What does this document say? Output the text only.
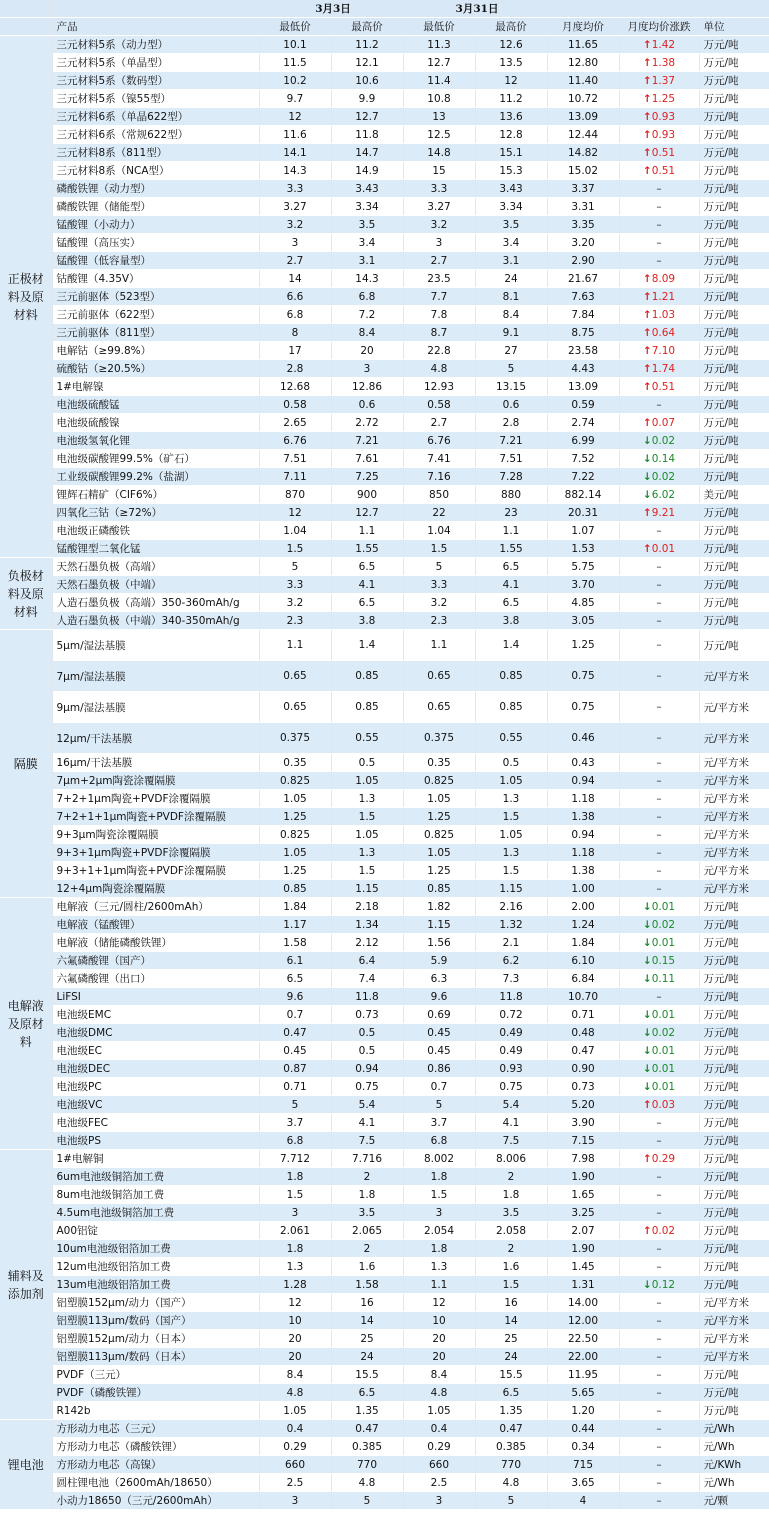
		3月3日		3月31日				
	产品	最低价	最高价	最低价	最高价	月度均价	月度均价涨跌	单位
正极材料及原材料	三元材料5系（动力型）	10.1	11.2	11.3	12.6	11.65	↑1.42	万元/吨
	三元材料5系（单晶型）	11.5	12.1	12.7	13.5	12.80	↑1.38	万元/吨
	三元材料5系（数码型）	10.2	10.6	11.4	12	11.40	↑1.37	万元/吨
	三元材料5系（镍55型）	9.7	9.9	10.8	11.2	10.72	↑1.25	万元/吨
	三元材料6系（单晶622型）	12	12.7	13	13.6	13.09	↑0.93	万元/吨
	三元材料6系（常规622型）	11.6	11.8	12.5	12.8	12.44	↑0.93	万元/吨
	三元材料8系（811型）	14.1	14.7	14.8	15.1	14.82	↑0.51	万元/吨
	三元材料8系（NCA型）	14.3	14.9	15	15.3	15.02	↑0.51	万元/吨
	磷酸铁锂（动力型）	3.3	3.43	3.3	3.43	3.37	–	万元/吨
	磷酸铁锂（储能型）	3.27	3.34	3.27	3.34	3.31	–	万元/吨
	锰酸锂（小动力）	3.2	3.5	3.2	3.5	3.35	–	万元/吨
	锰酸锂（高压实）	3	3.4	3	3.4	3.20	–	万元/吨
	锰酸锂（低容量型）	2.7	3.1	2.7	3.1	2.90	–	万元/吨
	钴酸锂（4.35V）	14	14.3	23.5	24	21.67	↑8.09	万元/吨
	三元前驱体（523型）	6.6	6.8	7.7	8.1	7.63	↑1.21	万元/吨
	三元前驱体（622型）	6.8	7.2	7.8	8.4	7.84	↑1.03	万元/吨
	三元前驱体（811型）	8	8.4	8.7	9.1	8.75	↑0.64	万元/吨
	电解钴（≥99.8%）	17	20	22.8	27	23.58	↑7.10	万元/吨
	硫酸钴（≥20.5%）	2.8	3	4.8	5	4.43	↑1.74	万元/吨
	1#电解镍	12.68	12.86	12.93	13.15	13.09	↑0.51	万元/吨
	电池级硫酸锰	0.58	0.6	0.58	0.6	0.59	–	万元/吨
	电池级硫酸镍	2.65	2.72	2.7	2.8	2.74	↑0.07	万元/吨
	电池级氢氧化锂	6.76	7.21	6.76	7.21	6.99	↓0.02	万元/吨
	电池级碳酸锂99.5%（矿石）	7.51	7.61	7.41	7.51	7.52	↓0.14	万元/吨
	工业级碳酸锂99.2%（盐湖）	7.11	7.25	7.16	7.28	7.22	↓0.02	万元/吨
	锂辉石精矿（CIF6%）	870	900	850	880	882.14	↓6.02	美元/吨
	四氧化三钴（≥72%）	12	12.7	22	23	20.31	↑9.21	万元/吨
	电池级正磷酸铁	1.04	1.1	1.04	1.1	1.07	–	万元/吨
	锰酸锂型二氧化锰	1.5	1.55	1.5	1.55	1.53	↑0.01	万元/吨
负极材料及原材料	天然石墨负极（高端）	5	6.5	5	6.5	5.75	–	万元/吨
	天然石墨负极（中端）	3.3	4.1	3.3	4.1	3.70	–	万元/吨
	人造石墨负极（高端）350-360mAh/g	3.2	6.5	3.2	6.5	4.85	–	万元/吨
	人造石墨负极（中端）340-350mAh/g	2.3	3.8	2.3	3.8	3.05	–	万元/吨
隔膜	5μm/湿法基膜	1.1	1.4	1.1	1.4	1.25	–	万元/吨
	7μm/湿法基膜	0.65	0.85	0.65	0.85	0.75	–	元/平方米
	9μm/湿法基膜	0.65	0.85	0.65	0.85	0.75	–	元/平方米
	12μm/干法基膜	0.375	0.55	0.375	0.55	0.46	–	元/平方米
	16μm/干法基膜	0.35	0.5	0.35	0.5	0.43	–	元/平方米
	7μm+2μm陶瓷涂覆隔膜	0.825	1.05	0.825	1.05	0.94	–	元/平方米
	7+2+1μm陶瓷+PVDF涂覆隔膜	1.05	1.3	1.05	1.3	1.18	–	元/平方米
	7+2+1+1μm陶瓷+PVDF涂覆隔膜	1.25	1.5	1.25	1.5	1.38	–	元/平方米
	9+3μm陶瓷涂覆隔膜	0.825	1.05	0.825	1.05	0.94	–	元/平方米
	9+3+1μm陶瓷+PVDF涂覆隔膜	1.05	1.3	1.05	1.3	1.18	–	元/平方米
	9+3+1+1μm陶瓷+PVDF涂覆隔膜	1.25	1.5	1.25	1.5	1.38	–	元/平方米
	12+4μm陶瓷涂覆隔膜	0.85	1.15	0.85	1.15	1.00	–	元/平方米
电解液及原材料	电解液（三元/圆柱/2600mAh）	1.84	2.18	1.82	2.16	2.00	↓0.01	万元/吨
	电解液（锰酸锂）	1.17	1.34	1.15	1.32	1.24	↓0.02	万元/吨
	电解液（储能磷酸铁锂）	1.58	2.12	1.56	2.1	1.84	↓0.01	万元/吨
	六氟磷酸锂（国产）	6.1	6.4	5.9	6.2	6.10	↓0.15	万元/吨
	六氟磷酸锂（出口）	6.5	7.4	6.3	7.3	6.84	↓0.11	万元/吨
	LiFSI	9.6	11.8	9.6	11.8	10.70	–	万元/吨
	电池级EMC	0.7	0.73	0.69	0.72	0.71	↓0.01	万元/吨
	电池级DMC	0.47	0.5	0.45	0.49	0.48	↓0.02	万元/吨
	电池级EC	0.45	0.5	0.45	0.49	0.47	↓0.01	万元/吨
	电池级DEC	0.87	0.94	0.86	0.93	0.90	↓0.01	万元/吨
	电池级PC	0.71	0.75	0.7	0.75	0.73	↓0.01	万元/吨
	电池级VC	5	5.4	5	5.4	5.20	↑0.03	万元/吨
	电池级FEC	3.7	4.1	3.7	4.1	3.90	–	万元/吨
	电池级PS	6.8	7.5	6.8	7.5	7.15	–	万元/吨
辅料及添加剂	1#电解铜	7.712	7.716	8.002	8.006	7.98	↑0.29	万元/吨
	6um电池级铜箔加工费	1.8	2	1.8	2	1.90	–	万元/吨
	8um电池级铜箔加工费	1.5	1.8	1.5	1.8	1.65	–	万元/吨
	4.5um电池级铜箔加工费	3	3.5	3	3.5	3.25	–	万元/吨
	A00铝锭	2.061	2.065	2.054	2.058	2.07	↑0.02	万元/吨
	10um电池级铝箔加工费	1.8	2	1.8	2	1.90	–	万元/吨
	12um电池级铝箔加工费	1.3	1.6	1.3	1.6	1.45	–	万元/吨
	13um电池级铝箔加工费	1.28	1.58	1.1	1.5	1.31	↓0.12	万元/吨
	铝塑膜152μm/动力（国产）	12	16	12	16	14.00	–	元/平方米
	铝塑膜113μm/数码（国产）	10	14	10	14	12.00	–	元/平方米
	铝塑膜152μm/动力（日本）	20	25	20	25	22.50	–	元/平方米
	铝塑膜113μm/数码（日本）	20	24	20	24	22.00	–	元/平方米
	PVDF（三元）	8.4	15.5	8.4	15.5	11.95	–	万元/吨
	PVDF（磷酸铁锂）	4.8	6.5	4.8	6.5	5.65	–	万元/吨
	R142b	1.05	1.35	1.05	1.35	1.20	–	万元/吨
锂电池	方形动力电芯（三元）	0.4	0.47	0.4	0.47	0.44	–	元/Wh
	方形动力电芯（磷酸铁锂）	0.29	0.385	0.29	0.385	0.34	–	元/Wh
	方形动力电芯（高镍）	660	770	660	770	715	–	元/KWh
	圆柱锂电池（2600mAh/18650）	2.5	4.8	2.5	4.8	3.65	–	元/Wh
	小动力18650（三元/2600mAh）	3	5	3	5	4	–	元/颗
